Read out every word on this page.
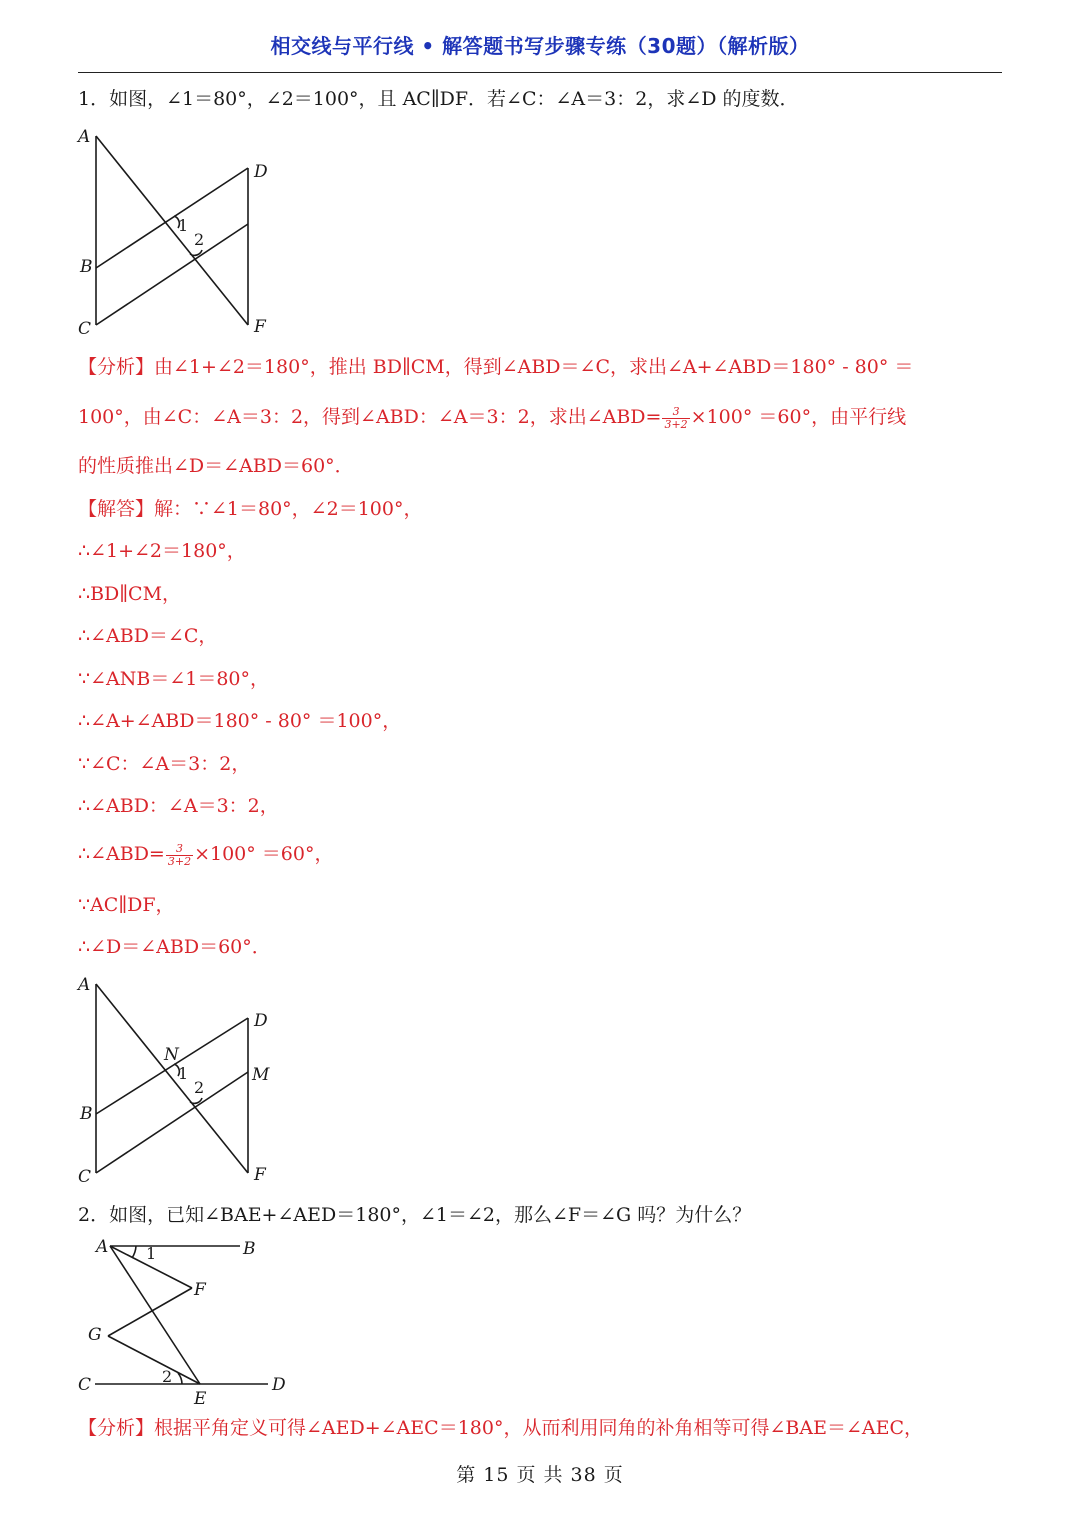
相交线与平行线 • 解答题书写步骤专练（30题）（解析版）
1．如图，∠1＝80°，∠2＝100°，且 AC∥DF．若∠C：∠A＝3：2，求∠D 的度数．
A
B
C
D
F
1
2
【分析】由∠1+∠2＝180°，推出 BD∥CM，得到∠ABD＝∠C，求出∠A+∠ABD＝180° - 80° ＝
100°，由∠C：∠A＝3：2，得到∠ABD：∠A＝3：2，求出∠ABD= $\frac{3}{3+2} \times 100^\circ =60^\circ$，由平行线
的性质推出∠D＝∠ABD＝60°．
【解答】解：∵∠1＝80°，∠2＝100°，
∴∠1+∠2＝180°，
∴BD∥CM，
∴∠ABD＝∠C，
∵∠ANB＝∠1＝80°，
∴∠A+∠ABD＝180° - 80° ＝100°，
∵∠C：∠A＝3：2，
∴∠ABD：∠A＝3：2，
∴∠ABD= $\frac{3}{3+2} \times 100^\circ =60^\circ$，
∵AC∥DF，
∴∠D＝∠ABD＝60°．
A
B
C
D
M
F
N
1
2
2．如图，已知∠BAE+∠AED＝180°，∠1＝∠2，那么∠F＝∠G 吗？为什么？
A	B
F
G
C	D
E
1
2
【分析】根据平角定义可得∠AED+∠AEC＝180°，从而利用同角的补角相等可得∠BAE＝∠AEC，
第 15 页 共 38 页
